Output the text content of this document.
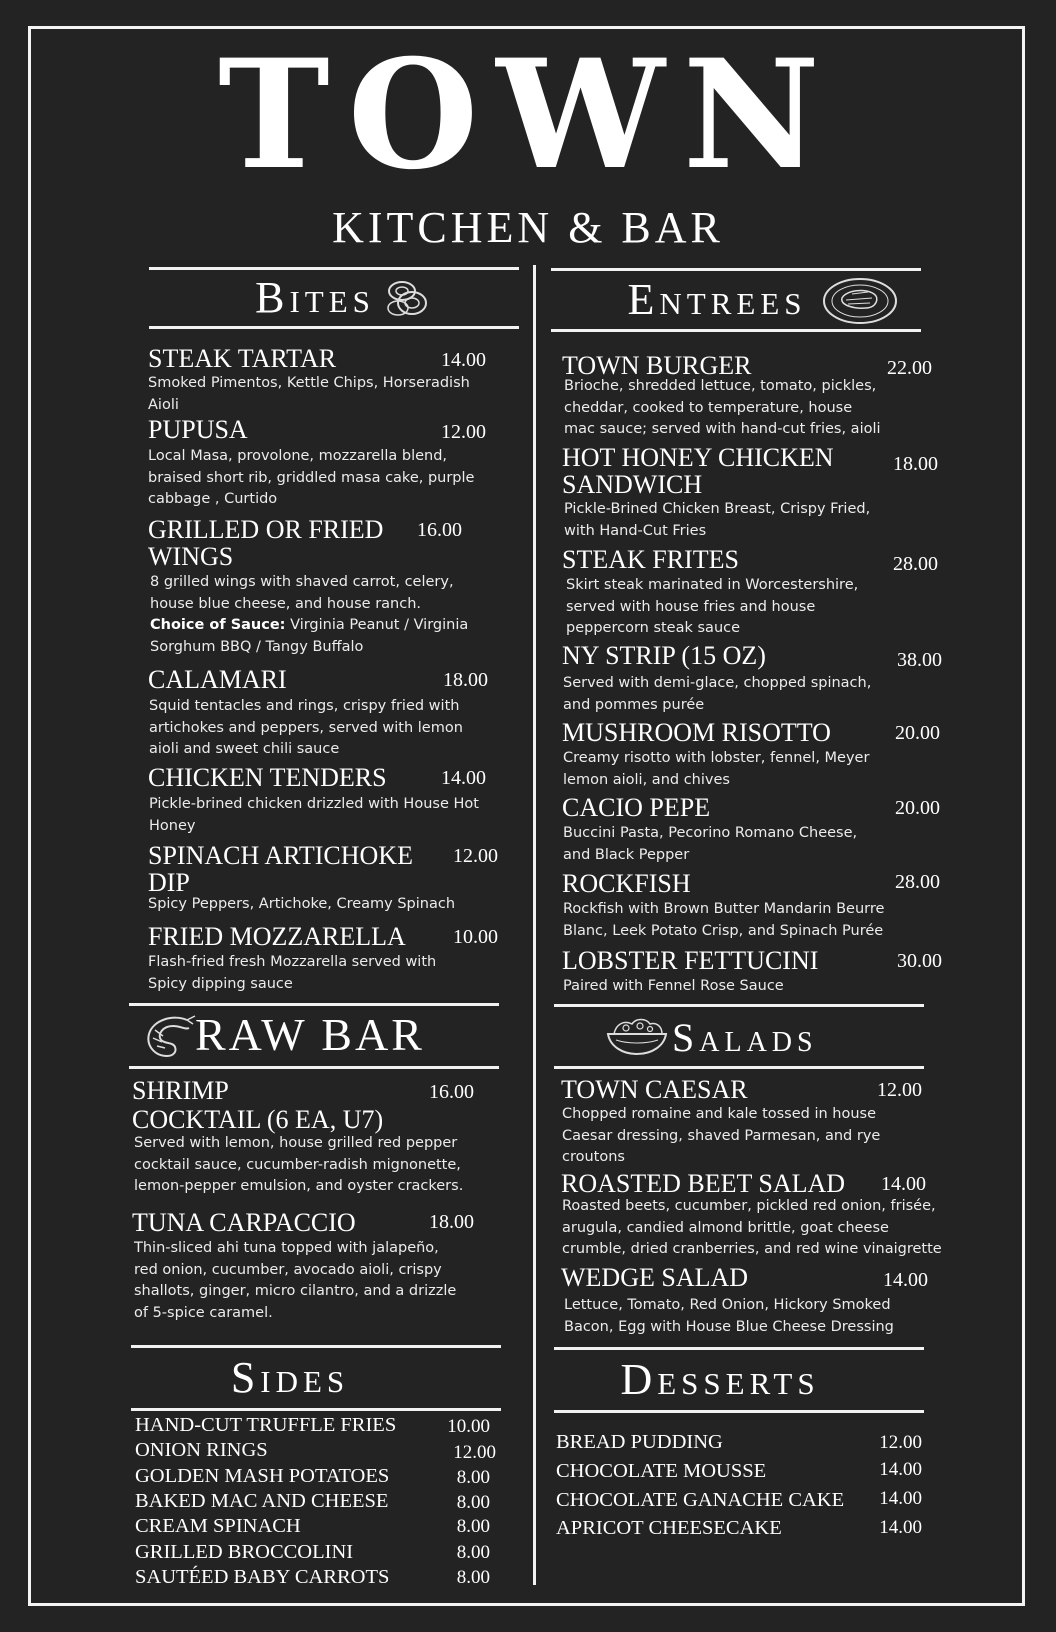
TOWN
KITCHEN & BAR
Bites
STEAK TARTAR	14.00
Smoked Pimentos, Kettle Chips, Horseradish Aioli
PUPUSA	12.00
Local Masa, provolone, mozzarella blend, braised short rib, griddled masa cake, purple cabbage , Curtido
GRILLED OR FRIED WINGS
16.00
8 grilled wings with shaved carrot, celery, house blue cheese, and house ranch.
Choice of Sauce: Virginia Peanut / Virginia Sorghum BBQ / Tangy Buffalo
CALAMARI	18.00
Squid tentacles and rings, crispy fried with artichokes and peppers, served with lemon aioli and sweet chili sauce
CHICKEN TENDERS	14.00
Pickle-brined chicken drizzled with House Hot Honey
SPINACH ARTICHOKE DIP
12.00
Spicy Peppers, Artichoke, Creamy Spinach
FRIED MOZZARELLA	10.00
Flash-fried fresh Mozzarella served with Spicy dipping sauce
RAW BAR
SHRIMP
COCKTAIL (6 EA, U7)
16.00
Served with lemon, house grilled red pepper cocktail sauce, cucumber-radish mignonette, lemon-pepper emulsion, and oyster crackers.
TUNA CARPACCIO	18.00
Thin-sliced ahi tuna topped with jalapeño, red onion, cucumber, avocado aioli, crispy shallots, ginger, micro cilantro, and a drizzle of 5-spice caramel.
Sides
HAND-CUT TRUFFLE FRIES	10.00
ONION RINGS	12.00
GOLDEN MASH POTATOES	8.00
BAKED MAC AND CHEESE	8.00
CREAM SPINACH	8.00
GRILLED BROCCOLINI	8.00
SAUTÉED BABY CARROTS	8.00
Entrees
TOWN BURGER	22.00
Brioche, shredded lettuce, tomato, pickles, cheddar, cooked to temperature, house mac sauce; served with hand-cut fries, aioli
HOT HONEY CHICKEN SANDWICH
18.00
Pickle-Brined Chicken Breast, Crispy Fried, with Hand-Cut Fries
STEAK FRITES	28.00
Skirt steak marinated in Worcestershire, served with house fries and house peppercorn steak sauce
NY STRIP (15 OZ)	38.00
Served with demi-glace, chopped spinach, and pommes purée
MUSHROOM RISOTTO	20.00
Creamy risotto with lobster, fennel, Meyer lemon aioli, and chives
CACIO PEPE	20.00
Buccini Pasta, Pecorino Romano Cheese, and Black Pepper
ROCKFISH	28.00
Rockfish with Brown Butter Mandarin Beurre Blanc, Leek Potato Crisp, and Spinach Purée
LOBSTER FETTUCINI	30.00
Paired with Fennel Rose Sauce
Salads
TOWN CAESAR	12.00
Chopped romaine and kale tossed in house Caesar dressing, shaved Parmesan, and rye croutons
ROASTED BEET SALAD	14.00
Roasted beets, cucumber, pickled red onion, frisée, arugula, candied almond brittle, goat cheese crumble, dried cranberries, and red wine vinaigrette
WEDGE SALAD	14.00
Lettuce, Tomato, Red Onion, Hickory Smoked Bacon, Egg with House Blue Cheese Dressing
Desserts
BREAD PUDDING	12.00
CHOCOLATE MOUSSE	14.00
CHOCOLATE GANACHE CAKE	14.00
APRICOT CHEESECAKE	14.00
